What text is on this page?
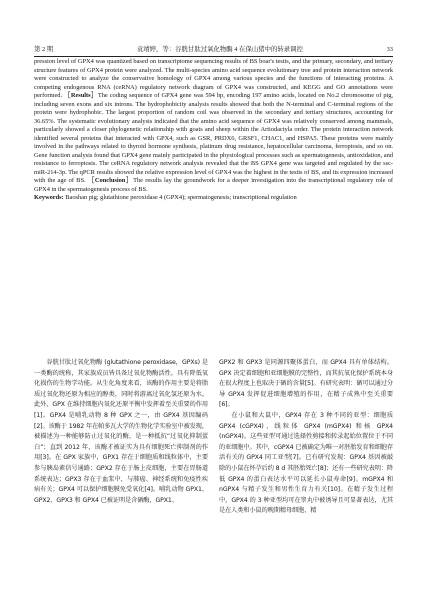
第 2 期	袁靖婷，等：谷胱甘肽过氧化物酶 4 在保山猪中的转录调控	33

pression level of GPX4 was quantized based on transcriptome sequencing results of BS boar's testis, and the primary, secondary, and tertiary structure features of GPX4 protein were analyzed. The multi-species amino acid sequence evolutionary tree and protein interaction network were constructed to analyze the conservative homology of GPX4 among various species and the functions of interacting proteins. A competing endogenous RNA (ceRNA) regulatory network diagram of GPX4 was constructed, and KEGG and GO annotations were performed. ［Results］The coding sequence of GPX4 gene was 594 bp, encoding 197 amino acids, located on No.2 chromosome of pig, including seven exons and six introns. The hydrophobicity analysis results showed that both the N-terminal and C-terminal regions of the protein were hydrophobic. The largest proportion of random coil was observed in the secondary and tertiary structures, accounting for 36.65%. The systematic evolutionary analysis indicated that the amino acid sequence of GPX4 was relatively conserved among mammals, particularly showed a closer phylogenetic relationship with goats and sheep within the Artiodactyla order. The protein interaction network identified several proteins that interacted with GPX4, such as GSR, PRDX6, GRSF1, CHAC1, and HSPA5. These proteins were mainly involved in the pathways related to thyroid hormone synthesis, platinum drug resistance, hepatocellular carcinoma, ferroptosis, and so on. Gene function analysis found that GPX4 gene mainly participated in the physiological processes such as spermatogenesis, antioxidation, and resistance to ferroptosis. The ceRNA regulatory network analysis revealed that the BS GPX4 gene was targeted and regulated by the ssc-miR-214-3p. The qPCR results showed the relative expression level of GPX4 was the highest in the testis of BS, and its expression increased with the age of BS. ［Conclusion］The results lay the groundwork for a deeper investigation into the transcriptional regulatory role of GPX4 in the spermatogenesis process of BS.

Keywords: Baoshan pig; glutathione peroxidase 4 (GPX4); spermatogenesis; transcriptional regulation

谷胱甘肽过氧化物酶 (glutathione peroxidase，GPXs) 是一类酶的统称，其家族成员皆具备过氧化物酶活性，具有降低氧化损伤的生物学功能。从生化角度来看，该酶的作用主要是将脂质过氧化物还原为相应的醇类，同时将游离过氧化氢还原为水。此外，GPX 在维持细胞内氧化还原平衡中发挥着至关重要的作用[1]。GPX4 是哺乳动物 8 种 GPX 之一，由 GPX4 基因编码[2]。该酶于 1982 年在帕多瓦大学的生物化学实验室中被发现，被描述为一种能够防止过氧化的酶，是一种抵抗“过氧化抑制蛋白”；直到 2012 年，该酶才被证实为具有细胞死亡抑制剂的作用[3]。在 GPX 家族中，GPX1 存在于细胞质和线粒体中，主要参与胰岛素信号通路；GPX2 存在于肠上皮细胞，主要在胃肠道系统表达；GPX3 存在于血浆中，与肺癌、神经系统和免疫性疾病有关；GPX4 可以保护细胞膜免受氧化[4]。哺乳动物 GPX1、GPX2、GPX3 和 GPX4 已被证明是含硒酶，GPX1、

GPX2 和 GPX3 是同源四聚体蛋白，而 GPX4 具有单体结构。GPX 决定着细胞和亚细胞膜的完整性，而其抗氧化保护系统本身在很大程度上也取决于硒的含量[5]。有研究表明：硒可以通过分导 GPX4 发挥促进细胞增殖的作用，在精子成熟中至关重要[6]。

在小鼠和大鼠中，GPX4 存在 3 种不同的亚型：细胞质 GPX4 (cGPX4)、线粒体 GPX4 (mGPX4) 和核 GPX4 (nGPX4)。这些亚型可通过选择性剪接和转录起始位置位于不同的亚细胞中。其中，cGPX4 已被确定为唯一对胚胎发育和细胞存活有关的 GPX4 同工亚型[7]。已有研究发现：GPX4 基因被敲除的小鼠在怀孕后约 8 d 其胚胎死亡[8]；还有一些研究表明：降低 GPX4 的蛋白表达水平可以延长小鼠寿命[9]。mGPX4 和 nGPX4 与精子发生和男性生育力有关[10]。在精子发生过程中，GPX4 的 3 种亚型均可在睾丸中被诱导且可显著表达，尤其是在人类和小鼠的晚期精母细胞、精
